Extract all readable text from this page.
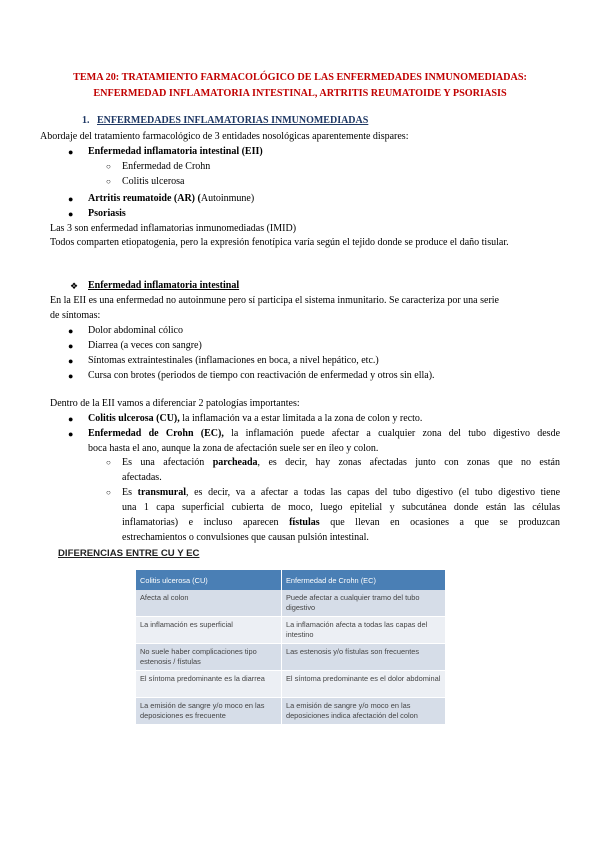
TEMA 20: TRATAMIENTO FARMACOLÓGICO DE LAS ENFERMEDADES INMUNOMEDIADAS:
ENFERMEDAD INFLAMATORIA INTESTINAL, ARTRITIS REUMATOIDE Y PSORIASIS
1. ENFERMEDADES INFLAMATORIAS INMUNOMEDIADAS
Abordaje del tratamiento farmacológico de 3 entidades nosológicas aparentemente dispares:
● Enfermedad inflamatoria intestinal (EII)
○ Enfermedad de Crohn
○ Colitis ulcerosa
● Artritis reumatoide (AR) (Autoinmune)
● Psoriasis
Las 3 son enfermedad inflamatorias inmunomediadas (IMID)
Todos comparten etiopatogenia, pero la expresión fenotípica varía según el tejido donde se produce el daño tisular.
❖ Enfermedad inflamatoria intestinal
En la EII es una enfermedad no autoinmune pero sí participa el sistema inmunitario. Se caracteriza por una serie
de síntomas:
● Dolor abdominal cólico
● Diarrea (a veces con sangre)
● Síntomas extraintestinales (inflamaciones en boca, a nivel hepático, etc.)
● Cursa con brotes (periodos de tiempo con reactivación de enfermedad y otros sin ella).
Dentro de la EII vamos a diferenciar 2 patologías importantes:
● Colitis ulcerosa (CU), la inflamación va a estar limitada a la zona de colon y recto.
● Enfermedad de Crohn (EC), la inflamación puede afectar a cualquier zona del tubo digestivo desde
boca hasta el ano, aunque la zona de afectación suele ser en íleo y colon.
○ Es una afectación parcheada, es decir, hay zonas afectadas junto con zonas que no están
afectadas.
○ Es transmural, es decir, va a afectar a todas las capas del tubo digestivo (el tubo digestivo tiene
una 1 capa superficial cubierta de moco, luego epitelial y subcutánea donde están las células
inflamatorias) e incluso aparecen fístulas que llevan en ocasiones a que se produzcan
estrechamientos o convulsiones que causan pulsión intestinal.
DIFERENCIAS ENTRE CU Y EC
Colitis ulcerosa (CU)	Enfermedad de Crohn (EC)
Afecta al colon	Puede afectar a cualquier tramo del tubo digestivo
La inflamación es superficial	La inflamación afecta a todas las capas del intestino
No suele haber complicaciones tipo estenosis / fístulas	Las estenosis y/o fístulas son frecuentes
El síntoma predominante es la diarrea	El síntoma predominante es el dolor abdominal
La emisión de sangre y/o moco en las deposiciones es frecuente	La emisión de sangre y/o moco en las deposiciones indica afectación del colon
